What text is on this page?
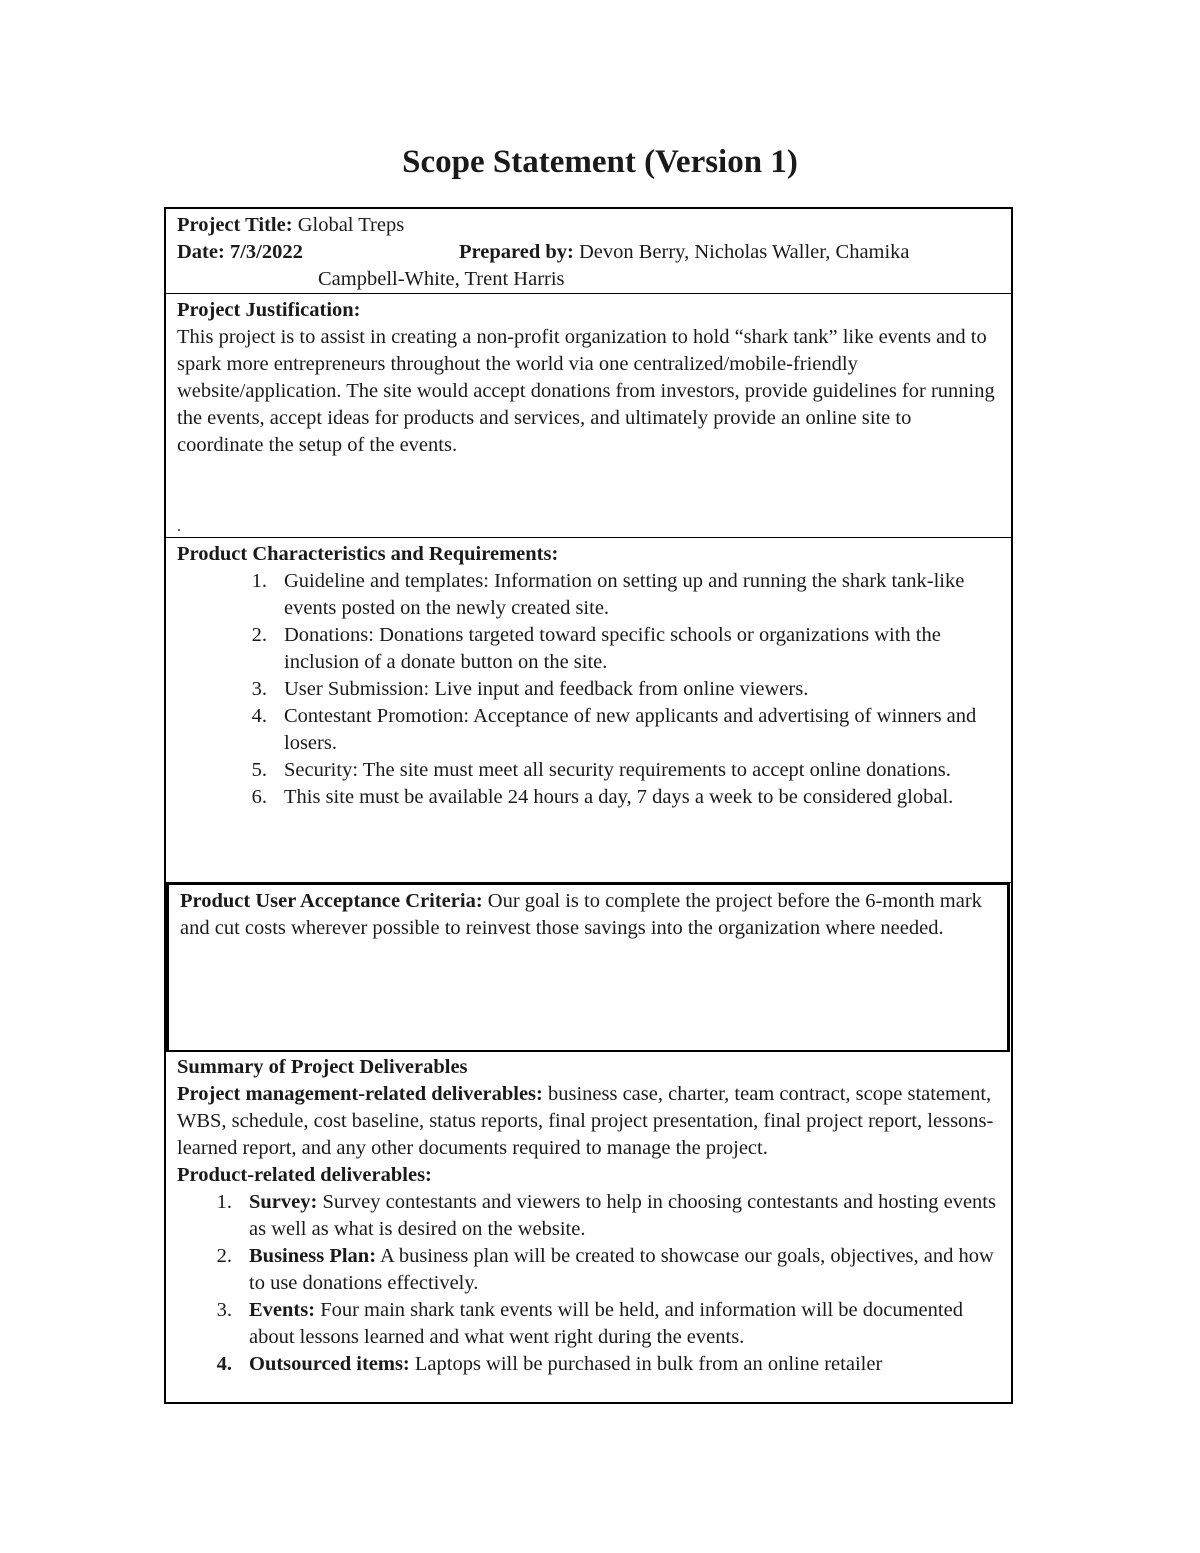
Scope Statement (Version 1)
Project Title: Global Treps
Date: 7/3/2022	Prepared by: Devon Berry, Nicholas Waller, Chamika
Campbell-White, Trent Harris
Project Justification:
This project is to assist in creating a non-profit organization to hold “shark tank” like events and to spark more entrepreneurs throughout the world via one centralized/mobile-friendly website/application. The site would accept donations from investors, provide guidelines for running the events, accept ideas for products and services, and ultimately provide an online site to coordinate the setup of the events.
.
Product Characteristics and Requirements:
1. Guideline and templates: Information on setting up and running the shark tank-like events posted on the newly created site.
2. Donations: Donations targeted toward specific schools or organizations with the inclusion of a donate button on the site.
3. User Submission: Live input and feedback from online viewers.
4. Contestant Promotion: Acceptance of new applicants and advertising of winners and losers.
5. Security: The site must meet all security requirements to accept online donations.
6. This site must be available 24 hours a day, 7 days a week to be considered global.
Product User Acceptance Criteria: Our goal is to complete the project before the 6-month mark and cut costs wherever possible to reinvest those savings into the organization where needed.
Summary of Project Deliverables
Project management-related deliverables: business case, charter, team contract, scope statement, WBS, schedule, cost baseline, status reports, final project presentation, final project report, lessons-learned report, and any other documents required to manage the project.
Product-related deliverables:
1. Survey: Survey contestants and viewers to help in choosing contestants and hosting events as well as what is desired on the website.
2. Business Plan: A business plan will be created to showcase our goals, objectives, and how to use donations effectively.
3. Events: Four main shark tank events will be held, and information will be documented about lessons learned and what went right during the events.
4. Outsourced items: Laptops will be purchased in bulk from an online retailer
